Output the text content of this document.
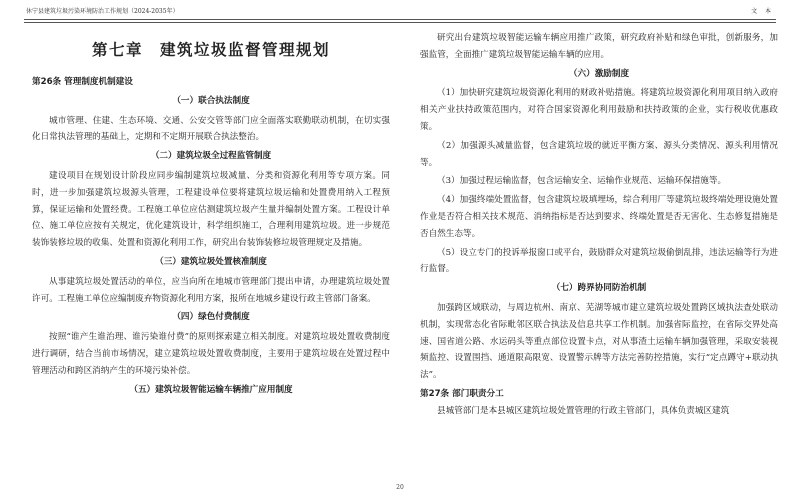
休宁县建筑垃圾污染环境防治工作规划（2024-2035年）	文 本
第七章　建筑垃圾监督管理规划
第26条 管理制度机制建设
（一）联合执法制度

城市管理、住建、生态环境、交通、公安交管等部门应全面落实联勤联动机制，在切实强化日常执法管理的基础上，定期和不定期开展联合执法整治。

（二）建筑垃圾全过程监管制度

建设项目在规划设计阶段应同步编制建筑垃圾减量、分类和资源化利用等专项方案。同时，进一步加强建筑垃圾源头管理，工程建设单位要将建筑垃圾运输和处置费用纳入工程预算，保证运输和处置经费。工程施工单位应估测建筑垃圾产生量并编制处置方案。工程设计单位、施工单位应按有关规定，优化建筑设计，科学组织施工，合理利用建筑垃圾。进一步规范装饰装修垃圾的收集、处置和资源化利用工作，研究出台装饰装修垃圾管理规定及措施。

（三）建筑垃圾处置核准制度

从事建筑垃圾处置活动的单位，应当向所在地城市管理部门提出申请，办理建筑垃圾处置许可。工程施工单位应编制废弃物资源化利用方案，报所在地城乡建设行政主管部门备案。

（四）绿色付费制度

按照“谁产生谁治理、谁污染谁付费”的原则探索建立相关制度。对建筑垃圾处置收费制度进行调研，结合当前市场情况，建立建筑垃圾处置收费制度，主要用于建筑垃圾在处置过程中管理活动和跨区消纳产生的环境污染补偿。

（五）建筑垃圾智能运输车辆推广应用制度

研究出台建筑垃圾智能运输车辆应用推广政策，研究政府补贴和绿色审批，创新服务，加强监管，全面推广建筑垃圾智能运输车辆的应用。

（六）激励制度

（1）加快研究建筑垃圾资源化利用的财政补贴措施。将建筑垃圾资源化利用项目纳入政府相关产业扶持政策范围内，对符合国家资源化利用鼓励和扶持政策的企业，实行税收优惠政策。

（2）加强源头减量监督，包含建筑垃圾的就近平衡方案、源头分类情况、源头利用情况等。

（3）加强过程运输监督，包含运输安全、运输作业规范、运输环保措施等。

（4）加强终端处置监督，包含建筑垃圾填埋场，综合利用厂等建筑垃圾终端处理设施处置作业是否符合相关技术规范、消纳指标是否达到要求、终端处置是否无害化、生态修复措施是否自然生态等。

（5）设立专门的投诉举报窗口或平台，鼓励群众对建筑垃圾偷倒乱排，违法运输等行为进行监督。

（七）跨界协同防治机制

加强跨区域联动，与周边杭州、南京、芜湖等城市建立建筑垃圾处置跨区域执法查处联动机制，实现常态化省际毗邻区联合执法及信息共享工作机制。加强省际监控，在省际交界处高速、国省道公路、水运码头等重点部位设置卡点，对从事渣土运输车辆加强管理，采取安装视频监控、设置围挡、通道限高限宽、设置警示牌等方法完善防控措施，实行“定点蹲守+联动执法”。

第27条 部门职责分工

县城管部门是本县城区建筑垃圾处置管理的行政主管部门，具体负责城区建筑

20
